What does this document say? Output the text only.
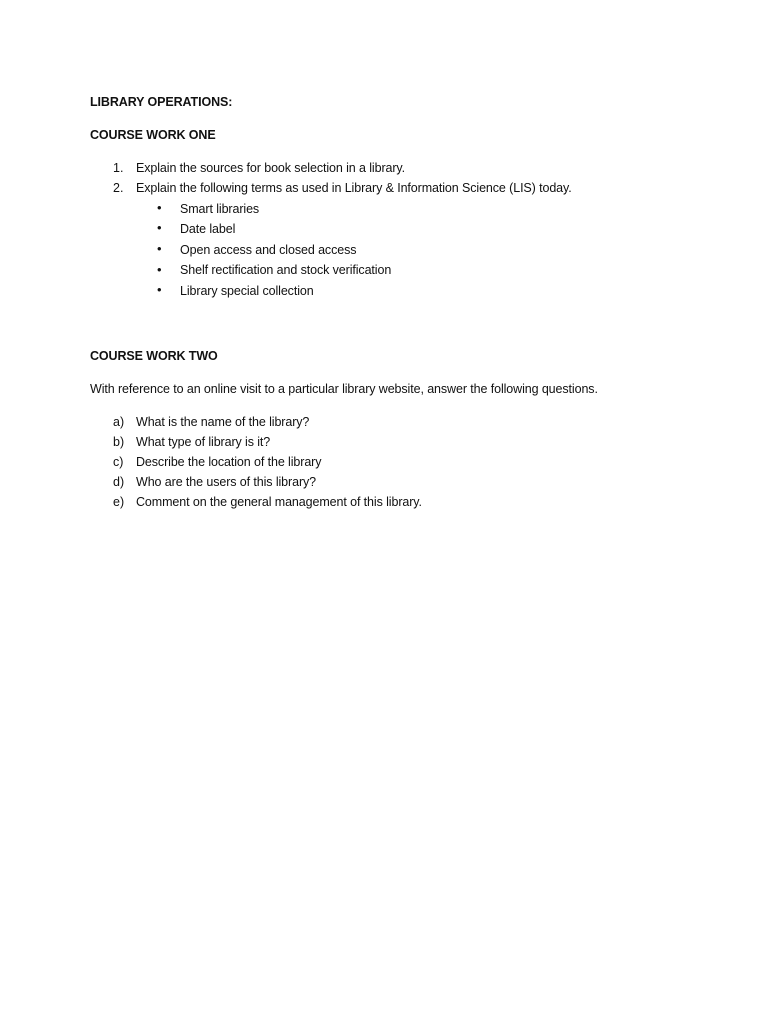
LIBRARY OPERATIONS:
COURSE WORK ONE
1. Explain the sources for book selection in a library.
2. Explain the following terms as used in Library & Information Science (LIS) today.
• Smart libraries
• Date label
• Open access and closed access
• Shelf rectification and stock verification
• Library special collection
COURSE WORK TWO
With reference to an online visit to a particular library website, answer the following questions.
a) What is the name of the library?
b) What type of library is it?
c) Describe the location of the library
d) Who are the users of this library?
e) Comment on the general management of this library.
